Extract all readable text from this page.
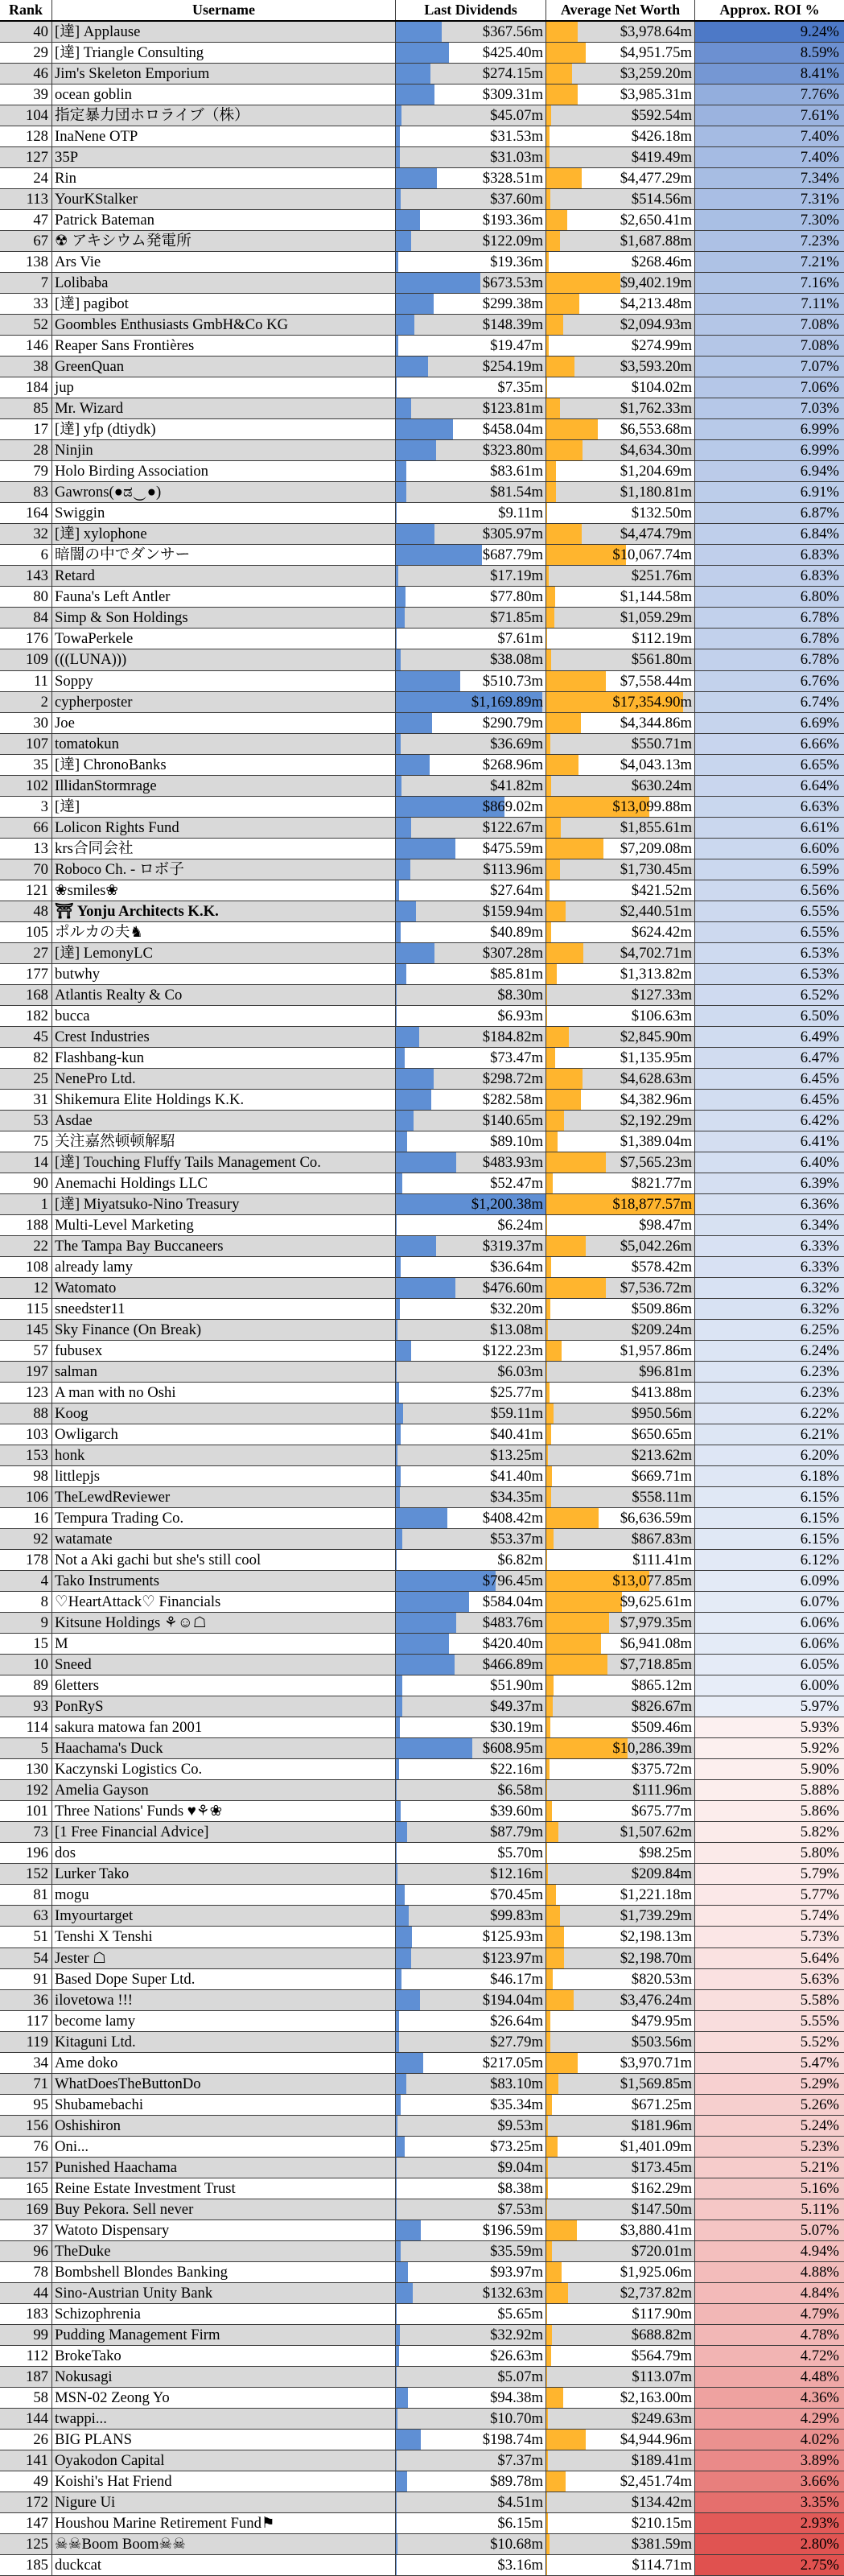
Rank	Username	Last Dividends	Average Net Worth	Approx. ROI %
40 [達] Applause	$367.56m	$3,978.64m	9.24%
29 [達] Triangle Consulting	$425.40m	$4,951.75m	8.59%
46 Jim's Skeleton Emporium	$274.15m	$3,259.20m	8.41%
39 ocean goblin	$309.31m	$3,985.31m	7.76%
104 指定暴力団ホロライブ（株）	$45.07m	$592.54m	7.61%
128 InaNene OTP	$31.53m	$426.18m	7.40%
127 35P	$31.03m	$419.49m	7.40%
24 Rin	$328.51m	$4,477.29m	7.34%
113 YourKStalker	$37.60m	$514.56m	7.31%
47 Patrick Bateman	$193.36m	$2,650.41m	7.30%
67 ☢ アキシウム発電所	$122.09m	$1,687.88m	7.23%
138 Ars Vie	$19.36m	$268.46m	7.21%
7 Lolibaba	$673.53m	$9,402.19m	7.16%
33 [達] pagibot	$299.38m	$4,213.48m	7.11%
52 Goombles Enthusiasts GmbH&Co KG	$148.39m	$2,094.93m	7.08%
146 Reaper Sans Frontières	$19.47m	$274.99m	7.08%
38 GreenQuan	$254.19m	$3,593.20m	7.07%
184 jup	$7.35m	$104.02m	7.06%
85 Mr. Wizard	$123.81m	$1,762.33m	7.03%
17 [達] yfp (dtiydk)	$458.04m	$6,553.68m	6.99%
28 Ninjin	$323.80m	$4,634.30m	6.99%
79 Holo Birding Association	$83.61m	$1,204.69m	6.94%
83 Gawrons(●ಡ‿●)	$81.54m	$1,180.81m	6.91%
164 Swiggin	$9.11m	$132.50m	6.87%
32 [達] xylophone	$305.97m	$4,474.79m	6.84%
6 暗闇の中でダンサー	$687.79m	$10,067.74m	6.83%
143 Retard	$17.19m	$251.76m	6.83%
80 Fauna's Left Antler	$77.80m	$1,144.58m	6.80%
84 Simp & Son Holdings	$71.85m	$1,059.29m	6.78%
176 TowaPerkele	$7.61m	$112.19m	6.78%
109 (((LUNA)))	$38.08m	$561.80m	6.78%
11 Soppy	$510.73m	$7,558.44m	6.76%
2 cypherposter	$1,169.89m	$17,354.90m	6.74%
30 Joe	$290.79m	$4,344.86m	6.69%
107 tomatokun	$36.69m	$550.71m	6.66%
35 [達] ChronoBanks	$268.96m	$4,043.13m	6.65%
102 IllidanStormrage	$41.82m	$630.24m	6.64%
3 [達]	$869.02m	$13,099.88m	6.63%
66 Lolicon Rights Fund	$122.67m	$1,855.61m	6.61%
13 krs合同会社	$475.59m	$7,209.08m	6.60%
70 Roboco Ch. - ロボ子	$113.96m	$1,730.45m	6.59%
121 ❀smiles❀	$27.64m	$421.52m	6.56%
48 ⛩ Yonju Architects K.K.	$159.94m	$2,440.51m	6.55%
105 ポルカの夫♞	$40.89m	$624.42m	6.55%
27 [達] LemonyLC	$307.28m	$4,702.71m	6.53%
177 butwhy	$85.81m	$1,313.82m	6.53%
168 Atlantis Realty & Co	$8.30m	$127.33m	6.52%
182 bucca	$6.93m	$106.63m	6.50%
45 Crest Industries	$184.82m	$2,845.90m	6.49%
82 Flashbang-kun	$73.47m	$1,135.95m	6.47%
25 NenePro Ltd.	$298.72m	$4,628.63m	6.45%
31 Shikemura Elite Holdings K.K.	$282.58m	$4,382.96m	6.45%
53 Asdae	$140.65m	$2,192.29m	6.42%
75 关注嘉然顿顿解駋	$89.10m	$1,389.04m	6.41%
14 [達] Touching Fluffy Tails Management Co.	$483.93m	$7,565.23m	6.40%
90 Anemachi Holdings LLC	$52.47m	$821.77m	6.39%
1 [達] Miyatsuko-Nino Treasury	$1,200.38m	$18,877.57m	6.36%
188 Multi-Level Marketing	$6.24m	$98.47m	6.34%
22 The Tampa Bay Buccaneers	$319.37m	$5,042.26m	6.33%
108 already lamy	$36.64m	$578.42m	6.33%
12 Watomato	$476.60m	$7,536.72m	6.32%
115 sneedster11	$32.20m	$509.86m	6.32%
145 Sky Finance (On Break)	$13.08m	$209.24m	6.25%
57 fubusex	$122.23m	$1,957.86m	6.24%
197 salman	$6.03m	$96.81m	6.23%
123 A man with no Oshi	$25.77m	$413.88m	6.23%
88 Koog	$59.11m	$950.56m	6.22%
103 Owligarch	$40.41m	$650.65m	6.21%
153 honk	$13.25m	$213.62m	6.20%
98 littlepjs	$41.40m	$669.71m	6.18%
106 TheLewdReviewer	$34.35m	$558.11m	6.15%
16 Tempura Trading Co.	$408.42m	$6,636.59m	6.15%
92 watamate	$53.37m	$867.83m	6.15%
178 Not a Aki gachi but she's still cool	$6.82m	$111.41m	6.12%
4 Tako Instruments	$796.45m	$13,077.85m	6.09%
8 ♡HeartAttack♡ Financials	$584.04m	$9,625.61m	6.07%
9 Kitsune Holdings ⚘☺☖	$483.76m	$7,979.35m	6.06%
15 M	$420.40m	$6,941.08m	6.06%
10 Sneed	$466.89m	$7,718.85m	6.05%
89 6letters	$51.90m	$865.12m	6.00%
93 PonRyS	$49.37m	$826.67m	5.97%
114 sakura matowa fan 2001	$30.19m	$509.46m	5.93%
5 Haachama's Duck	$608.95m	$10,286.39m	5.92%
130 Kaczynski Logistics Co.	$22.16m	$375.72m	5.90%
192 Amelia Gayson	$6.58m	$111.96m	5.88%
101 Three Nations' Funds ♥⚘❀	$39.60m	$675.77m	5.86%
73 [1 Free Financial Advice]	$87.79m	$1,507.62m	5.82%
196 dos	$5.70m	$98.25m	5.80%
152 Lurker Tako	$12.16m	$209.84m	5.79%
81 mogu	$70.45m	$1,221.18m	5.77%
63 Imyourtarget	$99.83m	$1,739.29m	5.74%
51 Tenshi X Tenshi	$125.93m	$2,198.13m	5.73%
54 Jester ☖	$123.97m	$2,198.70m	5.64%
91 Based Dope Super Ltd.	$46.17m	$820.53m	5.63%
36 ilovetowa !!!	$194.04m	$3,476.24m	5.58%
117 become lamy	$26.64m	$479.95m	5.55%
119 Kitaguni Ltd.	$27.79m	$503.56m	5.52%
34 Ame doko	$217.05m	$3,970.71m	5.47%
71 WhatDoesTheButtonDo	$83.10m	$1,569.85m	5.29%
95 Shubamebachi	$35.34m	$671.25m	5.26%
156 Oshishiron	$9.53m	$181.96m	5.24%
76 Oni...	$73.25m	$1,401.09m	5.23%
157 Punished Haachama	$9.04m	$173.45m	5.21%
165 Reine Estate Investment Trust	$8.38m	$162.29m	5.16%
169 Buy Pekora. Sell never	$7.53m	$147.50m	5.11%
37 Watoto Dispensary	$196.59m	$3,880.41m	5.07%
96 TheDuke	$35.59m	$720.01m	4.94%
78 Bombshell Blondes Banking	$93.97m	$1,925.06m	4.88%
44 Sino-Austrian Unity Bank	$132.63m	$2,737.82m	4.84%
183 Schizophrenia	$5.65m	$117.90m	4.79%
99 Pudding Management Firm	$32.92m	$688.82m	4.78%
112 BrokeTako	$26.63m	$564.79m	4.72%
187 Nokusagi	$5.07m	$113.07m	4.48%
58 MSN-02 Zeong Yo	$94.38m	$2,163.00m	4.36%
144 twappi...	$10.70m	$249.63m	4.29%
26 BIG PLANS	$198.74m	$4,944.96m	4.02%
141 Oyakodon Capital	$7.37m	$189.41m	3.89%
49 Koishi's Hat Friend	$89.78m	$2,451.74m	3.66%
172 Nigure Ui	$4.51m	$134.42m	3.35%
147 Houshou Marine Retirement Fund⚑	$6.15m	$210.15m	2.93%
125 ☠☠Boom Boom☠☠	$10.68m	$381.59m	2.80%
185 duckcat	$3.16m	$114.71m	2.75%
